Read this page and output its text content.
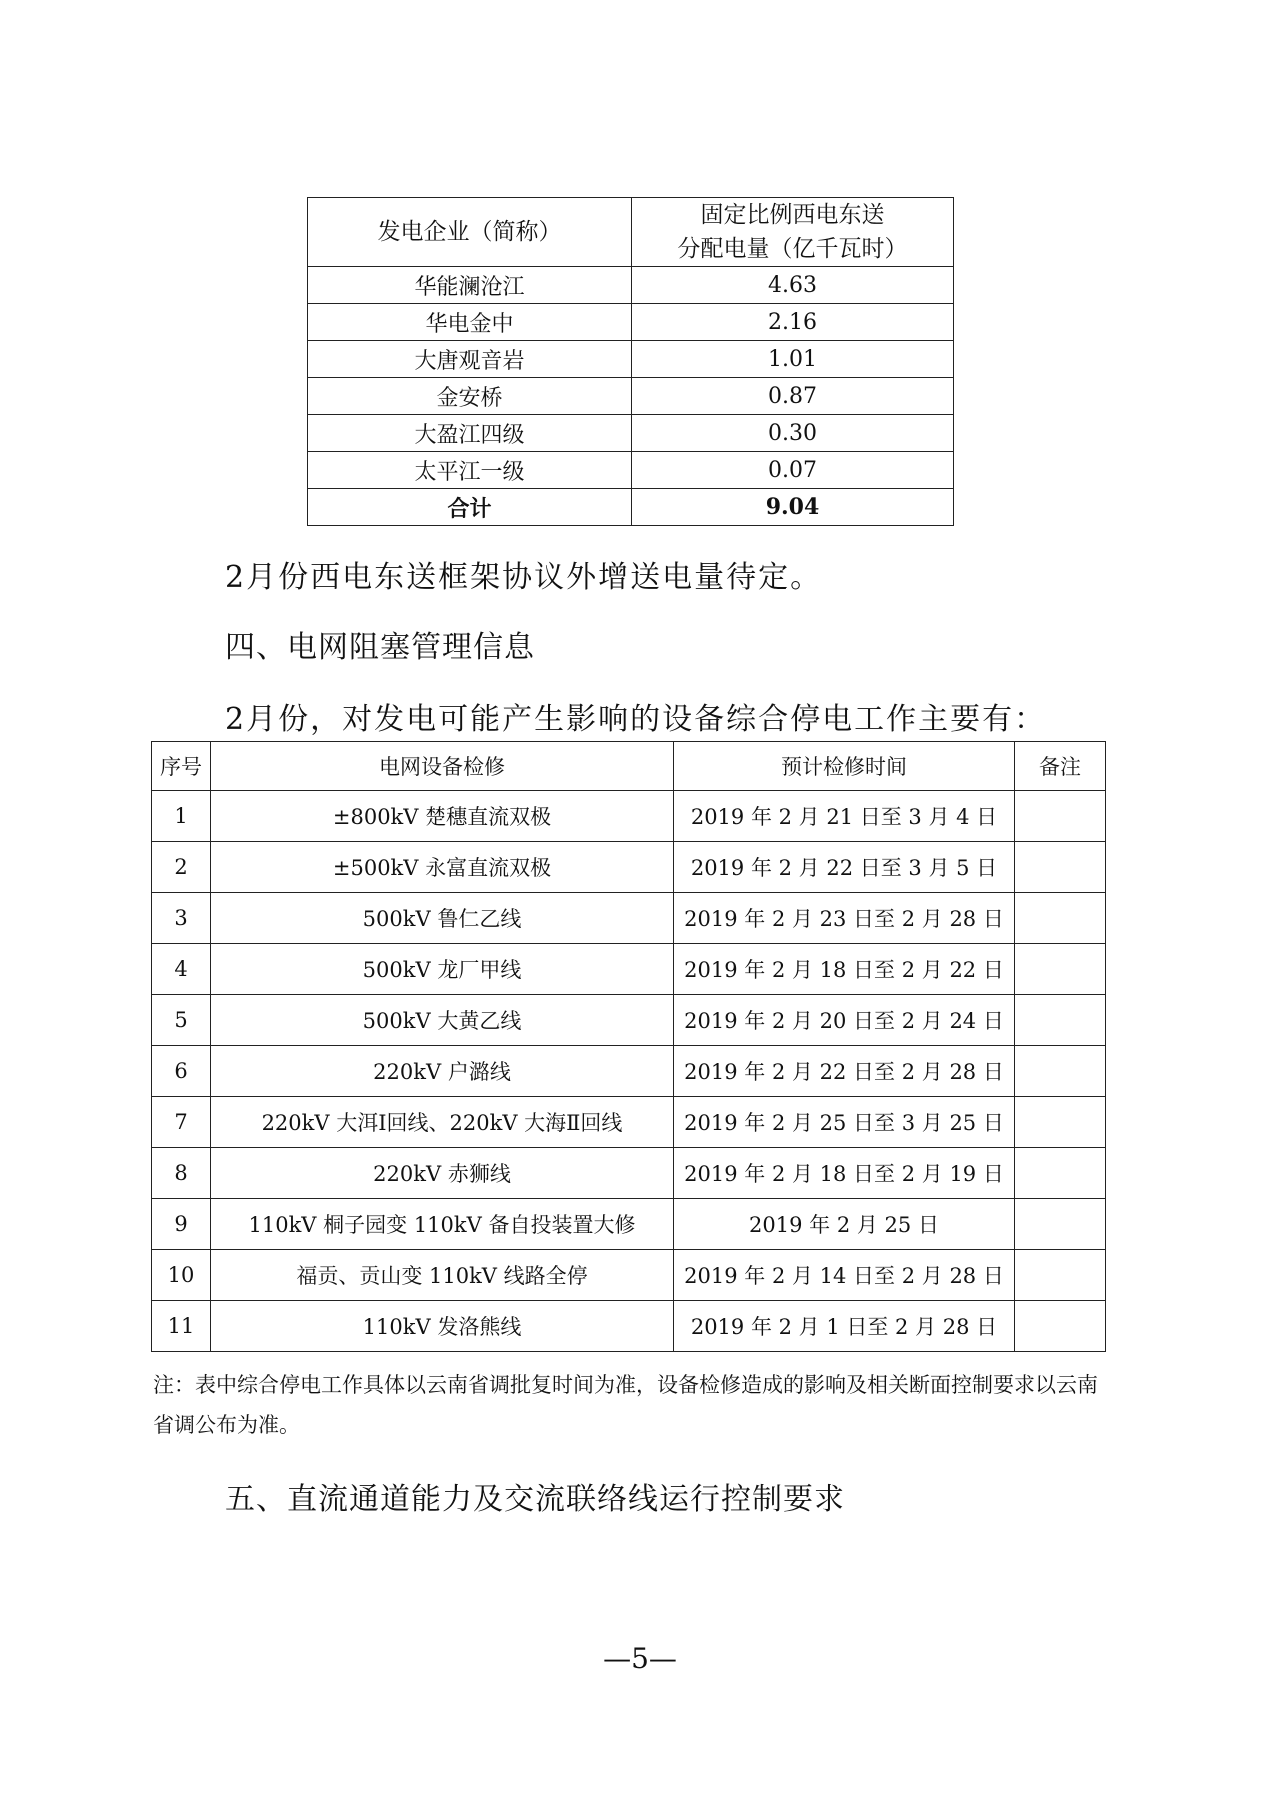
发电企业（简称）	固定比例西电东送
分配电量（亿千瓦时）

华能澜沧江	4.63
华电金中	2.16
大唐观音岩	1.01
金安桥	0.87
大盈江四级	0.30
太平江一级	0.07
合计	9.04
2月份西电东送框架协议外增送电量待定。
四、电网阻塞管理信息
2月份，对发电可能产生影响的设备综合停电工作主要有：
序号	电网设备检修	预计检修时间	备注
1	±800kV 楚穗直流双极	2019 年 2 月 21 日至 3 月 4 日	
2	±500kV 永富直流双极	2019 年 2 月 22 日至 3 月 5 日	
3	500kV 鲁仁乙线	2019 年 2 月 23 日至 2 月 28 日	
4	500kV 龙厂甲线	2019 年 2 月 18 日至 2 月 22 日	
5	500kV 大黄乙线	2019 年 2 月 20 日至 2 月 24 日	
6	220kV 户潞线	2019 年 2 月 22 日至 2 月 28 日	
7	220kV 大洱Ⅰ回线、220kV 大海Ⅱ回线	2019 年 2 月 25 日至 3 月 25 日	
8	220kV 赤狮线	2019 年 2 月 18 日至 2 月 19 日	
9	110kV 桐子园变 110kV 备自投装置大修	2019 年 2 月 25 日	
10	福贡、贡山变 110kV 线路全停	2019 年 2 月 14 日至 2 月 28 日	
11	110kV 发洛熊线	2019 年 2 月 1 日至 2 月 28 日	
注：表中综合停电工作具体以云南省调批复时间为准，设备检修造成的影响及相关断面控制要求以云南省调公布为准。
五、直流通道能力及交流联络线运行控制要求
—5—
